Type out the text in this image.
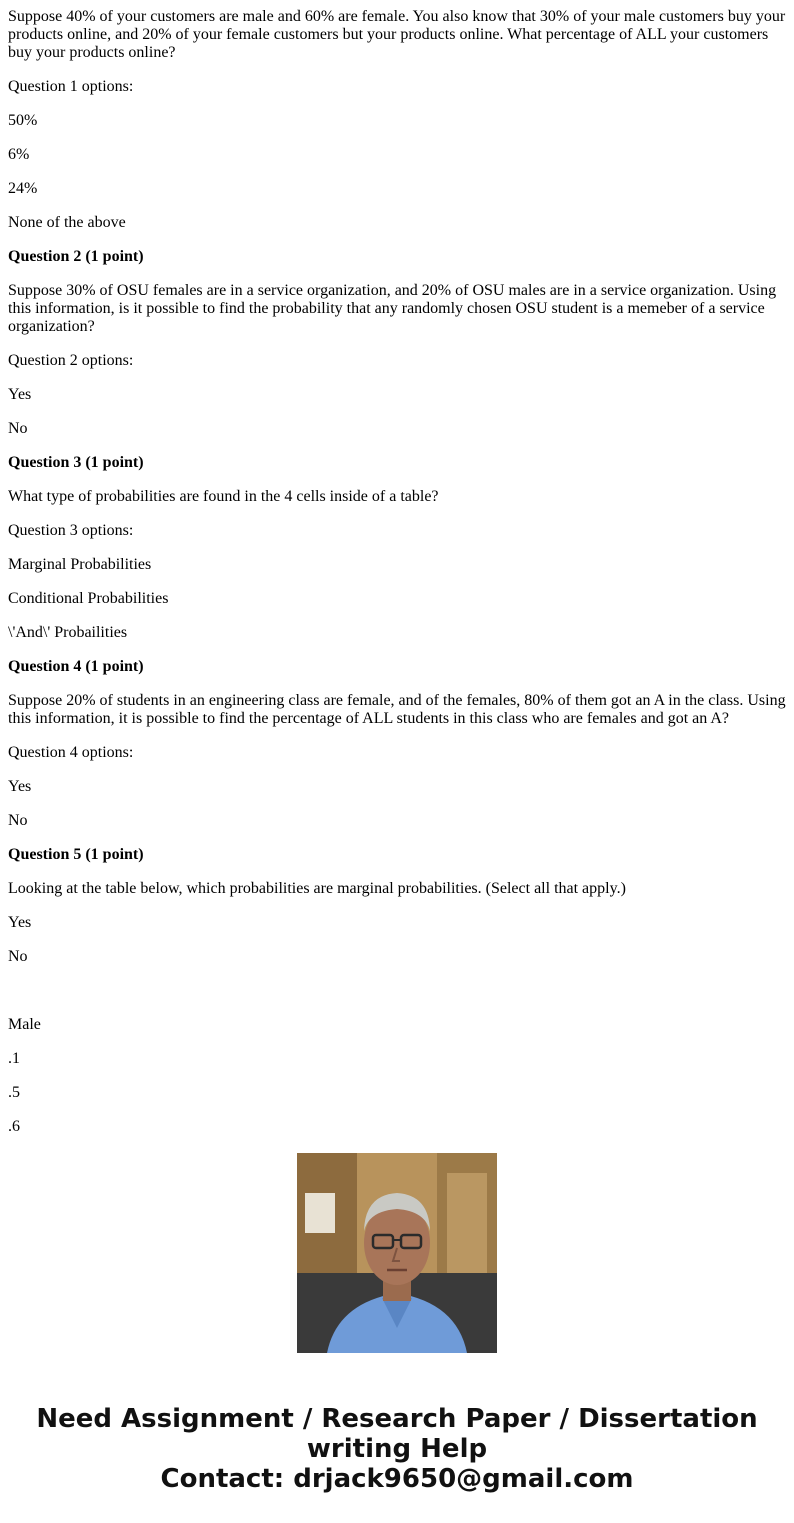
Suppose 40% of your customers are male and 60% are female. You also know that 30% of your male customers buy your products online, and 20% of your female customers but your products online. What percentage of ALL your customers buy your products online?

Question 1 options:

50%

6%

24%

None of the above

Question 2 (1 point)

Suppose 30% of OSU females are in a service organization, and 20% of OSU males are in a service organization. Using this information, is it possible to find the probability that any randomly chosen OSU student is a memeber of a service organization?

Question 2 options:

Yes

No

Question 3 (1 point)

What type of probabilities are found in the 4 cells inside of a table?

Question 3 options:

Marginal Probabilities

Conditional Probabilities

\'And\' Probailities

Question 4 (1 point)

Suppose 20% of students in an engineering class are female, and of the females, 80% of them got an A in the class. Using this information, it is possible to find the percentage of ALL students in this class who are females and got an A?

Question 4 options:

Yes

No

Question 5 (1 point)

Looking at the table below, which probabilities are marginal probabilities. (Select all that apply.)

Yes

No

Male

.1

.5

.6

Need Assignment / Research Paper / Dissertation
writing Help
Contact: drjack9650@gmail.com
